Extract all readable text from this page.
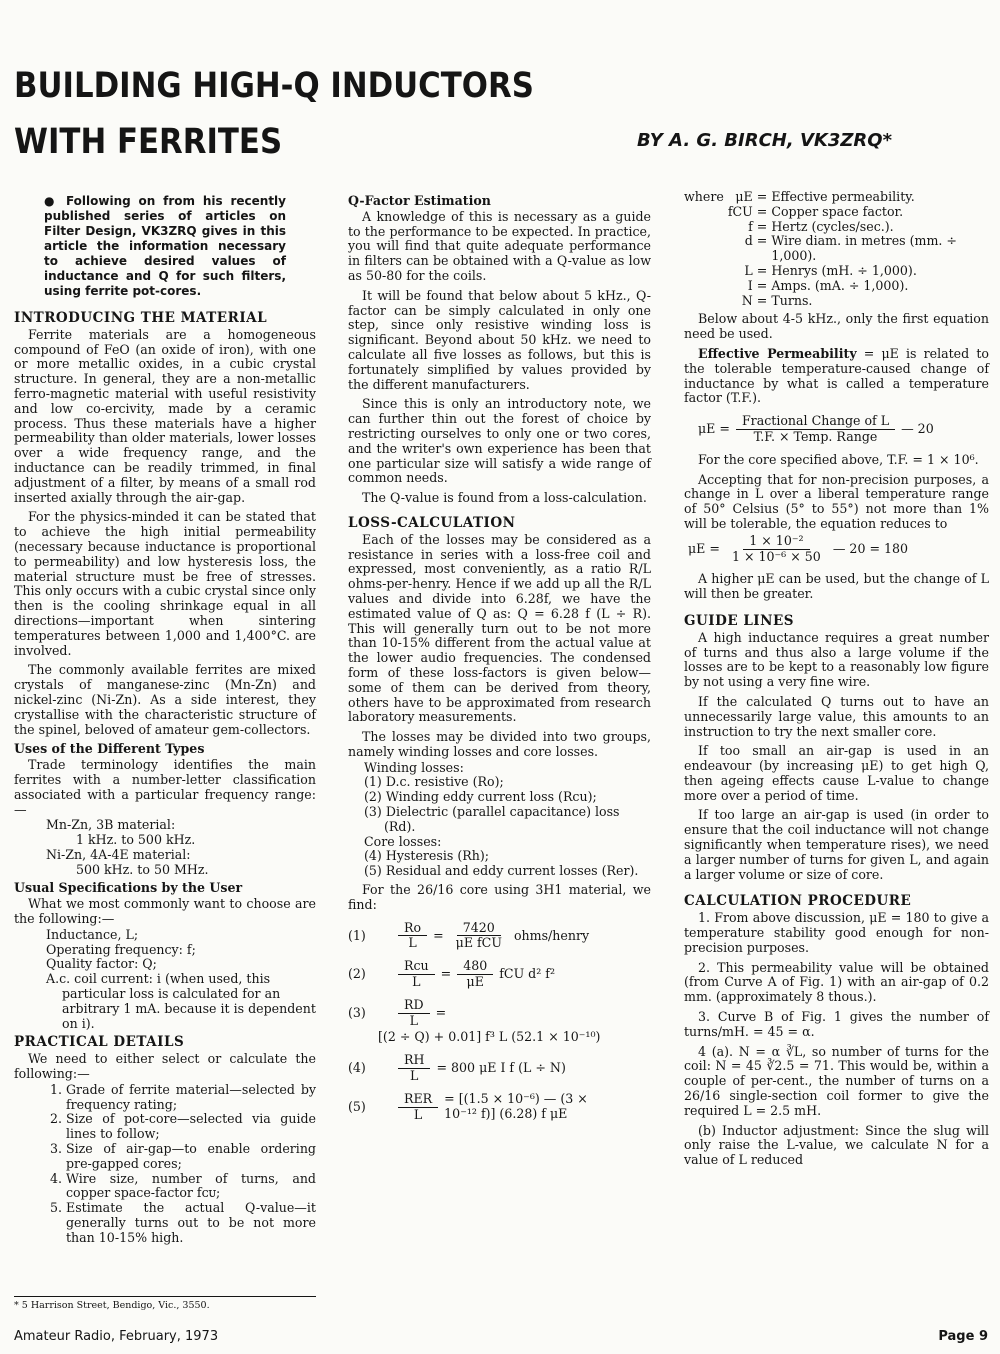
BUILDING HIGH-Q INDUCTORS
WITH FERRITES	BY A. G. BIRCH, VK3ZRQ*

● Following on from his recently published series of articles on Filter Design, VK3ZRQ gives in this article the information necessary to achieve desired values of inductance and Q for such filters, using ferrite pot-cores.

INTRODUCING THE MATERIAL

Ferrite materials are a homogeneous compound of FeO (an oxide of iron), with one or more metallic oxides, in a cubic crystal structure. In general, they are a non-metallic ferro-magnetic material with useful resistivity and low co-ercivity, made by a ceramic process. Thus these materials have a higher permeability than older materials, lower losses over a wide frequency range, and the inductance can be readily trimmed, in final adjustment of a filter, by means of a small rod inserted axially through the air-gap.

For the physics-minded it can be stated that to achieve the high initial permeability (necessary because inductance is proportional to permeability) and low hysteresis loss, the material structure must be free of stresses. This only occurs with a cubic crystal since only then is the cooling shrinkage equal in all directions—important when sintering temperatures between 1,000 and 1,400°C. are involved.

The commonly available ferrites are mixed crystals of manganese-zinc (Mn-Zn) and nickel-zinc (Ni-Zn). As a side interest, they crystallise with the characteristic structure of the spinel, beloved of amateur gem-collectors.

Uses of the Different Types

Trade terminology identifies the main ferrites with a number-letter classification associated with a particular frequency range:—

Mn-Zn, 3B material:
1 kHz. to 500 kHz.
Ni-Zn, 4A-4E material:
500 kHz. to 50 MHz.
Usual Specifications by the User

What we most commonly want to choose are the following:—

Inductance, L;
Operating frequency: f;
Quality factor: Q;
A.c. coil current: i (when used, this
particular loss is calculated for an arbitrary 1 mA. because it is dependent on i).
PRACTICAL DETAILS

We need to either select or calculate the following:—

1. Grade of ferrite material—selected by frequency rating;
2. Size of pot-core—selected via guide lines to follow;
3. Size of air-gap—to enable ordering pre-gapped cores;
4. Wire size, number of turns, and copper space-factor fᴄᴜ;
5. Estimate the actual Q-value—it generally turns out to be not more than 10-15% high.
Q-Factor Estimation

A knowledge of this is necessary as a guide to the performance to be expected. In practice, you will find that quite adequate performance in filters can be obtained with a Q-value as low as 50-80 for the coils.

It will be found that below about 5 kHz., Q-factor can be simply calculated in only one step, since only resistive winding loss is significant. Beyond about 50 kHz. we need to calculate all five losses as follows, but this is fortunately simplified by values provided by the different manufacturers.

Since this is only an introductory note, we can further thin out the forest of choice by restricting ourselves to only one or two cores, and the writer's own experience has been that one particular size will satisfy a wide range of common needs.

The Q-value is found from a loss-calculation.

LOSS-CALCULATION

Each of the losses may be considered as a resistance in series with a loss-free coil and expressed, most conveniently, as a ratio R/L ohms-per-henry. Hence if we add up all the R/L values and divide into 6.28f, we have the estimated value of Q as: Q = 6.28 f (L ÷ R). This will generally turn out to be not more than 10-15% different from the actual value at the lower audio frequencies. The condensed form of these loss-factors is given below—some of them can be derived from theory, others have to be approximated from research laboratory measurements.

The losses may be divided into two groups, namely winding losses and core losses.

Winding losses:
(1) D.c. resistive (Ro);
(2) Winding eddy current loss (Rcu);
(3) Dielectric (parallel capacitance) loss (Rd).
Core losses:
(4) Hysteresis (Rh);
(5) Residual and eddy current losses (Rer).

For the 26/16 core using 3H1 material, we find:

(1)	$\frac{Ro}{L} = \frac{7420}{\text{μE fCU}}$ ohms/henry
(2)	$\frac{\text{Rcu}}{L} = \frac{480}{\mu E}$ fCU d² f²
(3)	$\frac{RD}{L}$ =
[(2 ÷ Q) + 0.01] f³ L (52.1 × 10⁻¹⁰)
(4)	$\frac{RH}{L} = 800$ μE I f (L ÷ N)
(5)	$\frac{\text{RER}}{L} = [(1.5 \times 10^{-6})$ — (3 ×
10⁻¹² f)] (6.28) f μE
where	μE	=	Effective permeability.
	fCU	=	Copper space factor.
	f	=	Hertz (cycles/sec.).
	d	=	Wire diam. in metres (mm. ÷ 1,000).
	L	=	Henrys (mH. ÷ 1,000).
	I	=	Amps. (mA. ÷ 1,000).
	N	=	Turns.

Below about 4-5 kHz., only the first equation need be used.

Effective Permeability = μE is related to the tolerable temperature-caused change of inductance by what is called a temperature factor (T.F.).

$\mu E = \frac{\text{Fractional Change of L}}{\text{T.F. × Temp. Range}}$ — 20

For the core specified above, T.F. = 1 × 10⁶.

Accepting that for non-precision purposes, a change in L over a liberal temperature range of 50° Celsius (5° to 55°) not more than 1% will be tolerable, the equation reduces to

$\mu E = \frac{\text{1 × 10⁻²}}{\text{1 × 10⁻⁶ × 50}}$ — 20 = 180

A higher μE can be used, but the change of L will then be greater.

GUIDE LINES

A high inductance requires a great number of turns and thus also a large volume if the losses are to be kept to a reasonably low figure by not using a very fine wire.

If the calculated Q turns out to have an unnecessarily large value, this amounts to an instruction to try the next smaller core.

If too small an air-gap is used in an endeavour (by increasing μE) to get high Q, then ageing effects cause L-value to change more over a period of time.

If too large an air-gap is used (in order to ensure that the coil inductance will not change significantly when temperature rises), we need a larger number of turns for given L, and again a larger volume or size of core.

CALCULATION PROCEDURE

1. From above discussion, μE = 180 to give a temperature stability good enough for non-precision purposes.

2. This permeability value will be obtained (from Curve A of Fig. 1) with an air-gap of 0.2 mm. (approximately 8 thous.).

3. Curve B of Fig. 1 gives the number of turns/mH. = 45 = α.

4 (a). N = α ∛L, so number of turns for the coil: N = 45 ∛2.5 = 71. This would be, within a couple of per-cent., the number of turns on a 26/16 single-section coil former to give the required L = 2.5 mH.

(b) Inductor adjustment: Since the slug will only raise the L-value, we calculate N for a value of L reduced

* 5 Harrison Street, Bendigo, Vic., 3550.
Amateur Radio, February, 1973	Page 9
